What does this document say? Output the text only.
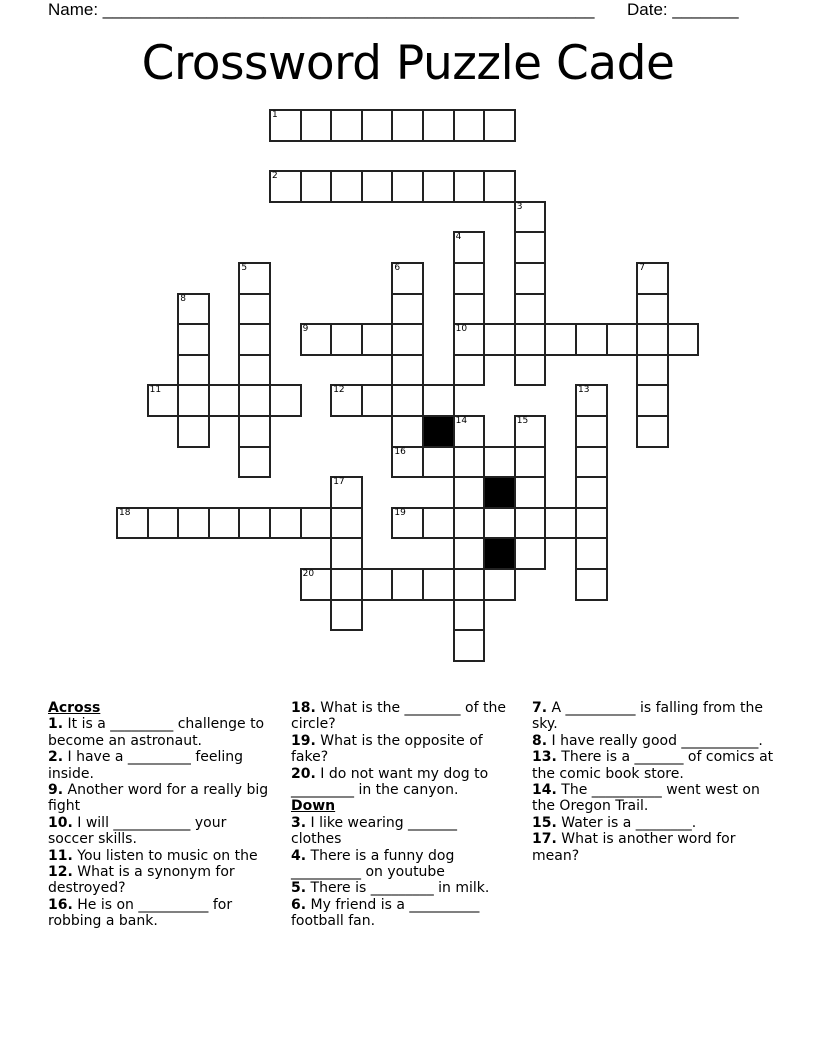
Name: ____________________________________________________ Date: _______
Crossword Puzzle Cade
1
2
3
4
10
5	6
16
7
8
9
11	12	13
14	15
17
18	19
20
Across
1. It is a _________ challenge to become an astronaut.
2. I have a _________ feeling inside.
9. Another word for a really big fight
10. I will ___________ your soccer skills.
11. You listen to music on the
12. What is a synonym for destroyed?
16. He is on __________ for robbing a bank.
18. What is the ________ of the circle?
19. What is the opposite of fake?
20. I do not want my dog to _________ in the canyon.
Down
3. I like wearing _______ clothes
4. There is a funny dog __________ on youtube
5. There is _________ in milk.
6. My friend is a __________ football fan.
7. A __________ is falling from the sky.
8. I have really good ___________.
13. There is a _______ of comics at the comic book store.
14. The __________ went west on the Oregon Trail.
15. Water is a ________.
17. What is another word for mean?
